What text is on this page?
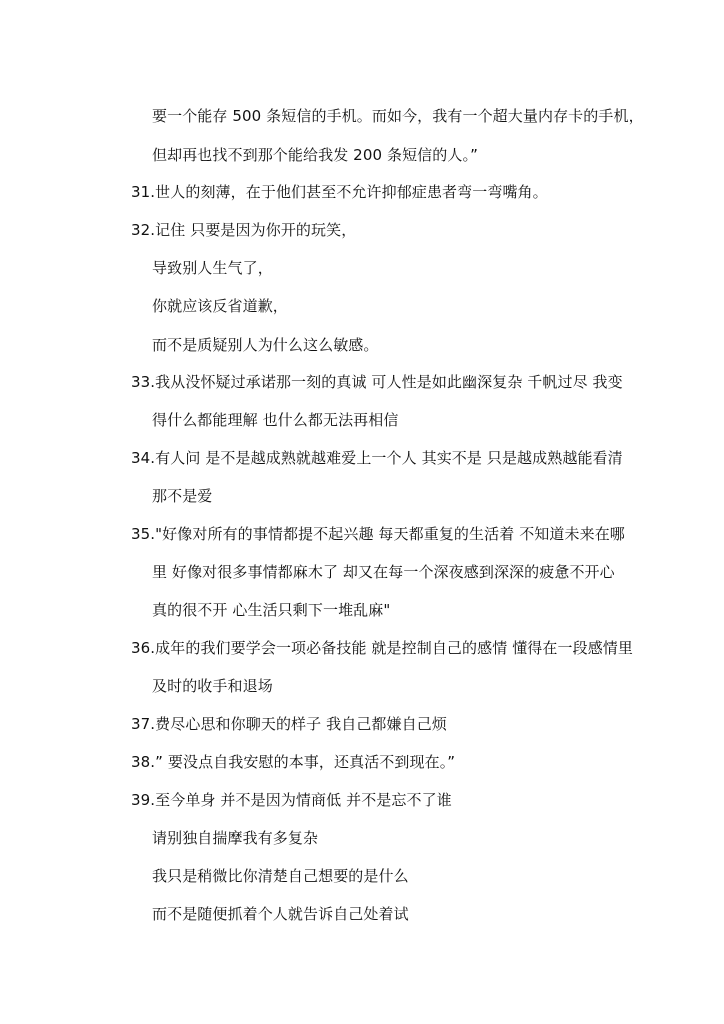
要一个能存 500 条短信的手机。而如今，我有一个超大量内存卡的手机，
但却再也找不到那个能给我发 200 条短信的人。”
31.世人的刻薄，在于他们甚至不允许抑郁症患者弯一弯嘴角。
32.记住 只要是因为你开的玩笑，
导致别人生气了，
你就应该反省道歉，
而不是质疑别人为什么这么敏感。
33.我从没怀疑过承诺那一刻的真诚 可人性是如此幽深复杂 千帆过尽 我变
得什么都能理解 也什么都无法再相信
34.有人问 是不是越成熟就越难爱上一个人 其实不是 只是越成熟越能看清
那不是爱
35."好像对所有的事情都提不起兴趣 每天都重复的生活着 不知道未来在哪
里 好像对很多事情都麻木了 却又在每一个深夜感到深深的疲惫不开心
真的很不开 心生活只剩下一堆乱麻"
36.成年的我们要学会一项必备技能 就是控制自己的感情 懂得在一段感情里
及时的收手和退场
37.费尽心思和你聊天的样子 我自己都嫌自己烦
38.” 要没点自我安慰的本事，还真活不到现在。”
39.至今单身 并不是因为情商低 并不是忘不了谁
请别独自揣摩我有多复杂
我只是稍微比你清楚自己想要的是什么
而不是随便抓着个人就告诉自己处着试
